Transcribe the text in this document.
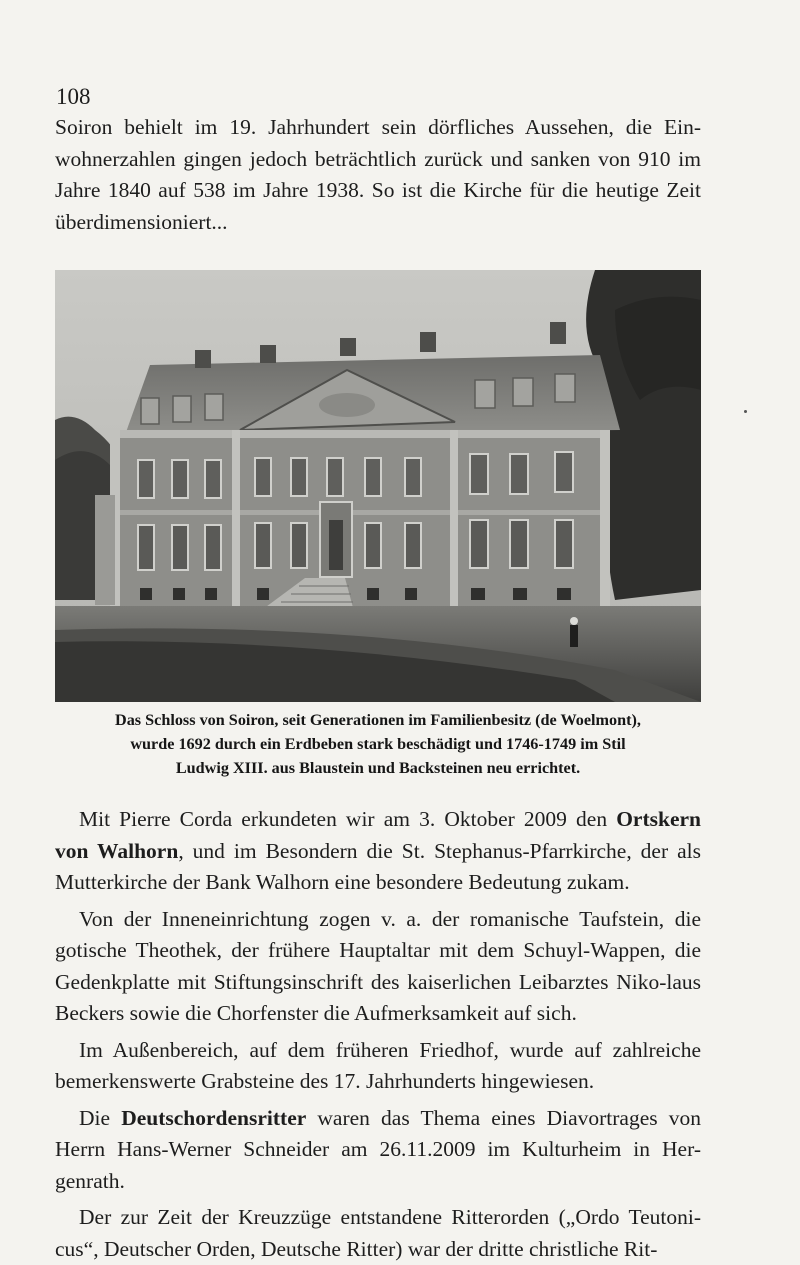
108

Soiron behielt im 19. Jahrhundert sein dörfliches Aussehen, die Ein-wohnerzahlen gingen jedoch beträchtlich zurück und sanken von 910 im Jahre 1840 auf 538 im Jahre 1938. So ist die Kirche für die heutige Zeit überdimensioniert...

Das Schloss von Soiron, seit Generationen im Familienbesitz (de Woelmont),
wurde 1692 durch ein Erdbeben stark beschädigt und 1746-1749 im Stil
Ludwig XIII. aus Blaustein und Backsteinen neu errichtet.

Mit Pierre Corda erkundeten wir am 3. Oktober 2009 den Ortskern von Walhorn, und im Besondern die St. Stephanus-Pfarrkirche, der als Mutterkirche der Bank Walhorn eine besondere Bedeutung zukam.

Von der Inneneinrichtung zogen v. a. der romanische Taufstein, die gotische Theothek, der frühere Hauptaltar mit dem Schuyl-Wappen, die Gedenkplatte mit Stiftungsinschrift des kaiserlichen Leibarztes Niko-laus Beckers sowie die Chorfenster die Aufmerksamkeit auf sich.

Im Außenbereich, auf dem früheren Friedhof, wurde auf zahlreiche bemerkenswerte Grabsteine des 17. Jahrhunderts hingewiesen.

Die Deutschordensritter waren das Thema eines Diavortrages von Herrn Hans-Werner Schneider am 26.11.2009 im Kulturheim in Her-genrath.

Der zur Zeit der Kreuzzüge entstandene Ritterorden („Ordo Teutoni-cus“, Deutscher Orden, Deutsche Ritter) war der dritte christliche Rit-
